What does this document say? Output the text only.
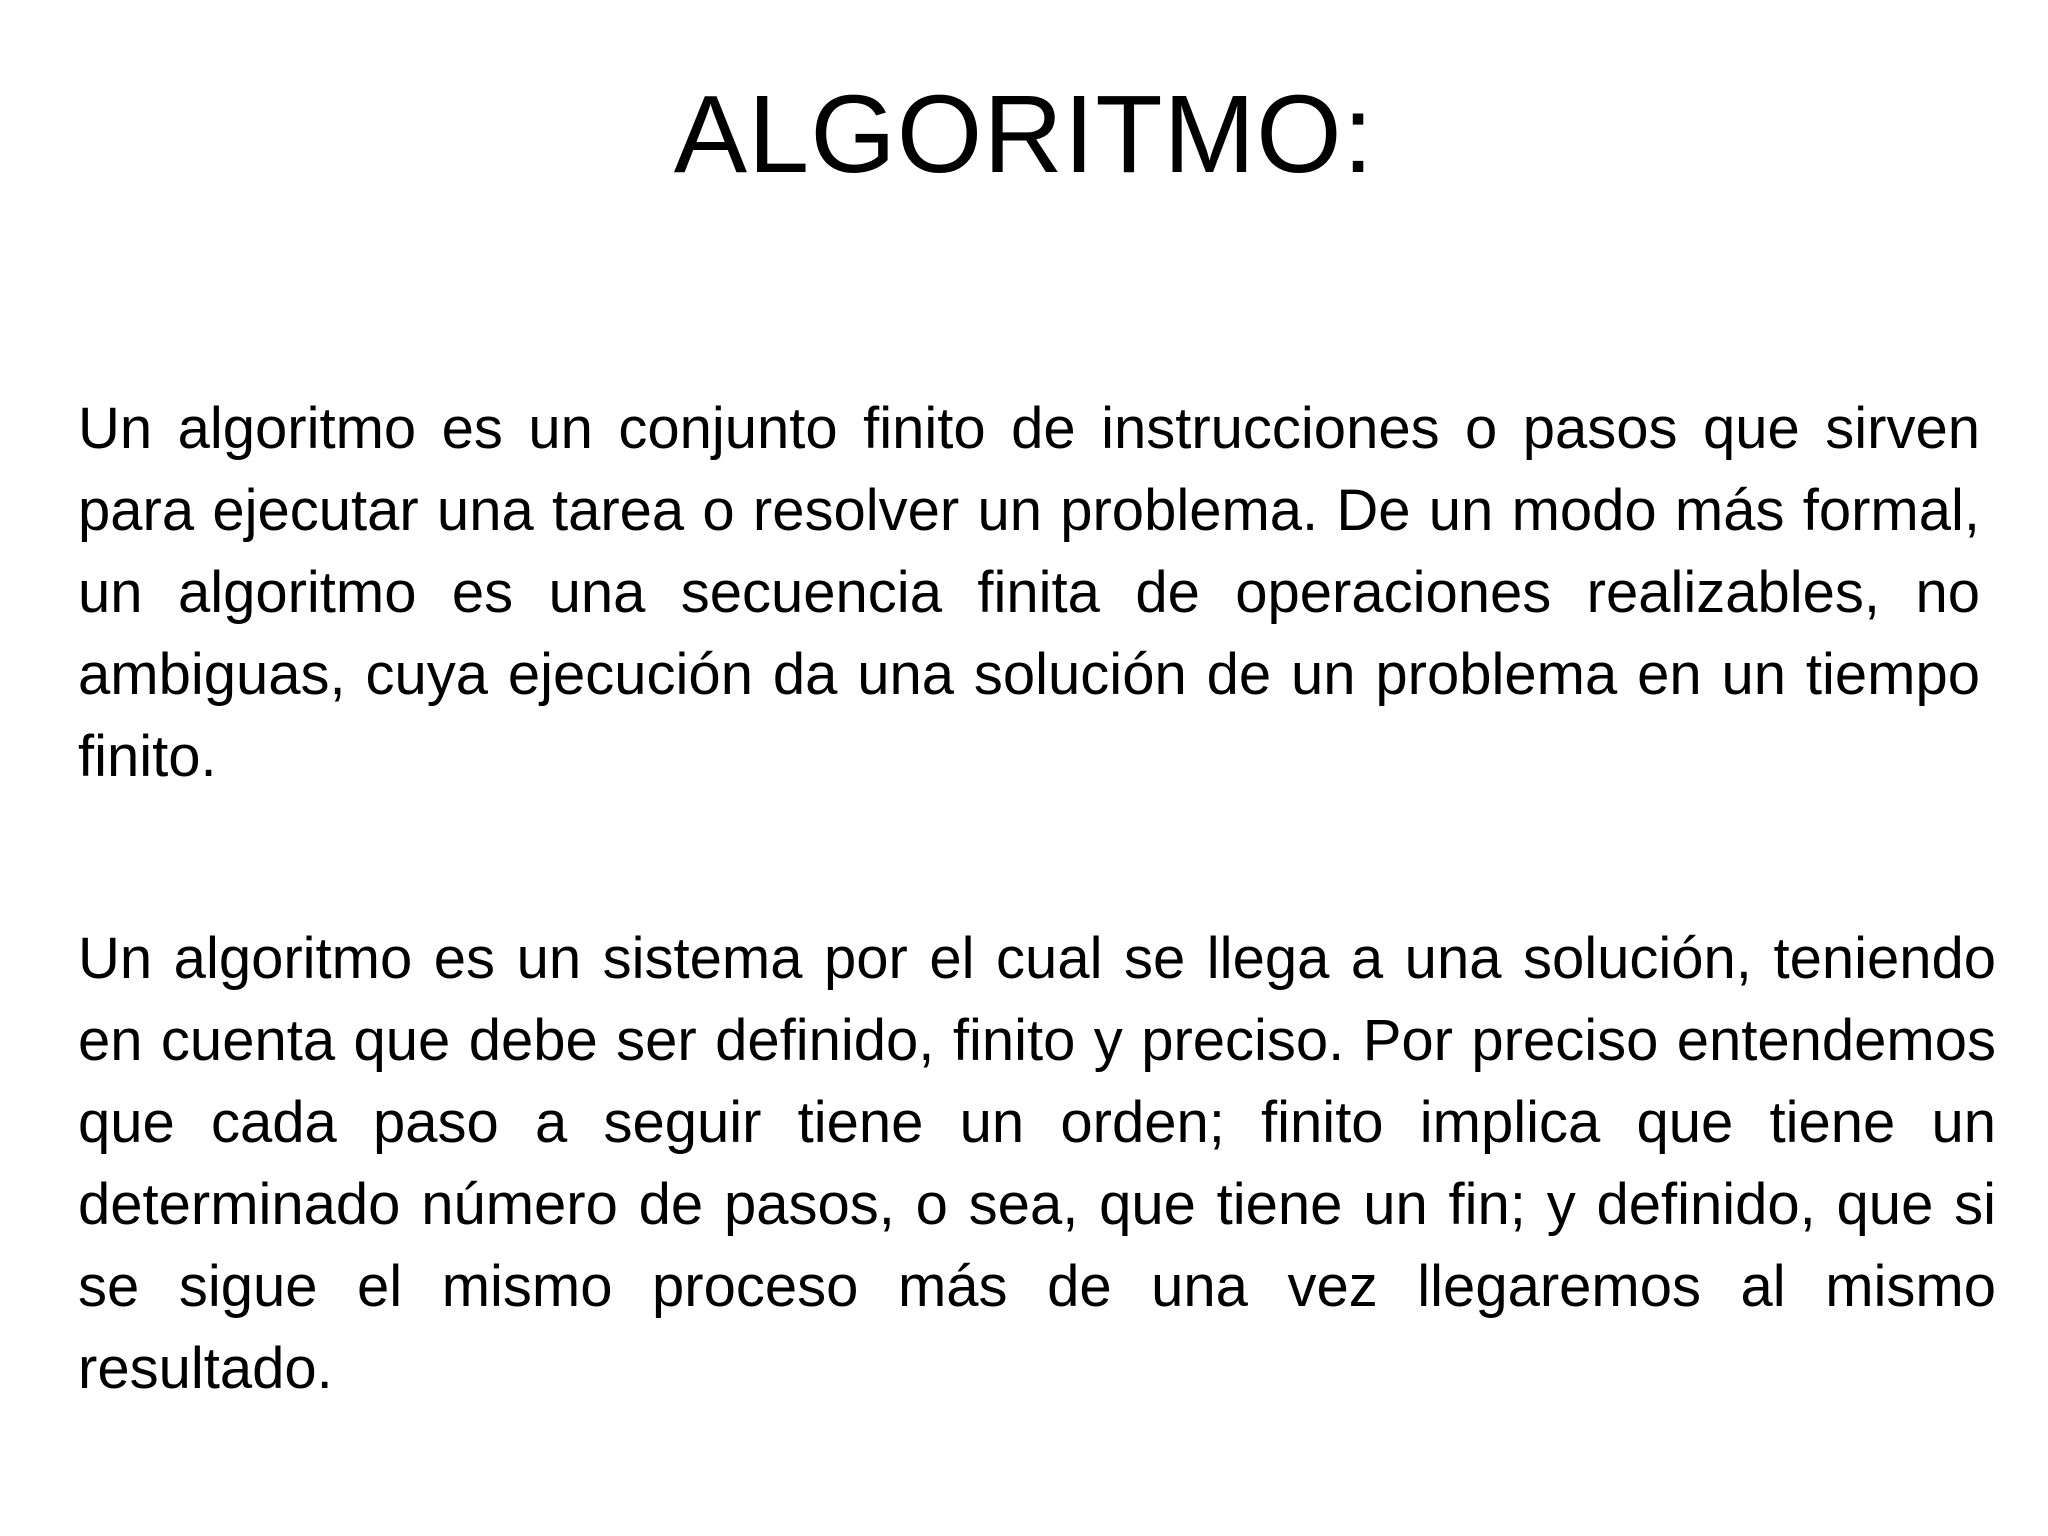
ALGORITMO:

Un algoritmo es un conjunto finito de instrucciones o pasos que sirven para ejecutar una tarea o resolver un problema. De un modo más formal, un algoritmo es una secuencia finita de operaciones realizables, no ambiguas, cuya ejecución da una solución de un problema en un tiempo finito.

Un algoritmo es un sistema por el cual se llega a una solución, teniendo en cuenta que debe ser definido, finito y preciso. Por preciso entendemos que cada paso a seguir tiene un orden; finito implica que tiene un determinado número de pasos, o sea, que tiene un fin; y definido, que si se sigue el mismo proceso más de una vez llegaremos al mismo resultado.
